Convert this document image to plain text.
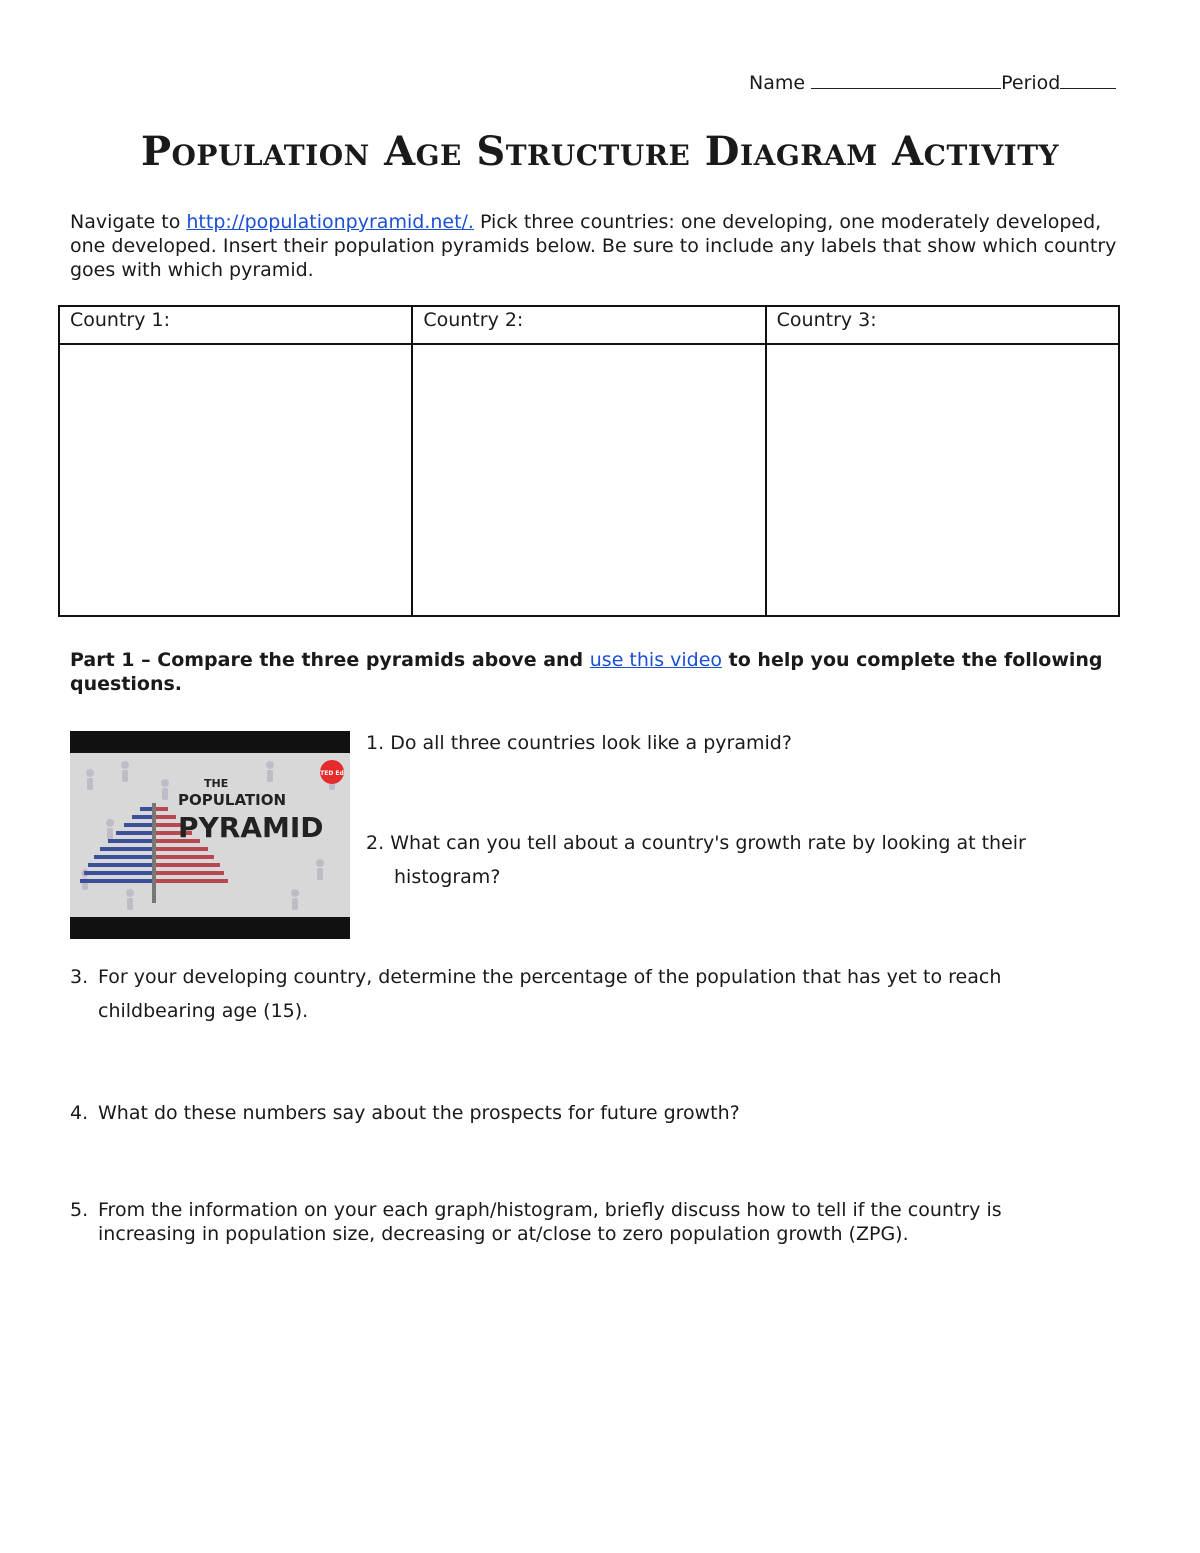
Name	Period
Population Age Structure Diagram Activity
Navigate to http://populationpyramid.net/. Pick three countries: one developing, one moderately developed, one developed. Insert their population pyramids below. Be sure to include any labels that show which country goes with which pyramid.
Country 1:	Country 2:	Country 3:

Part 1 – Compare the three pyramids above and use this video to help you complete the following questions.
THE
POPULATION
PYRAMID
TED Ed
1. Do all three countries look like a pyramid?
2. What can you tell about a country's growth rate by looking at their
histogram?
3. For your developing country, determine the percentage of the population that has yet to reach
childbearing age (15).
4. What do these numbers say about the prospects for future growth?
5. From the information on your each graph/histogram, briefly discuss how to tell if the country is
increasing in population size, decreasing or at/close to zero population growth (ZPG).
